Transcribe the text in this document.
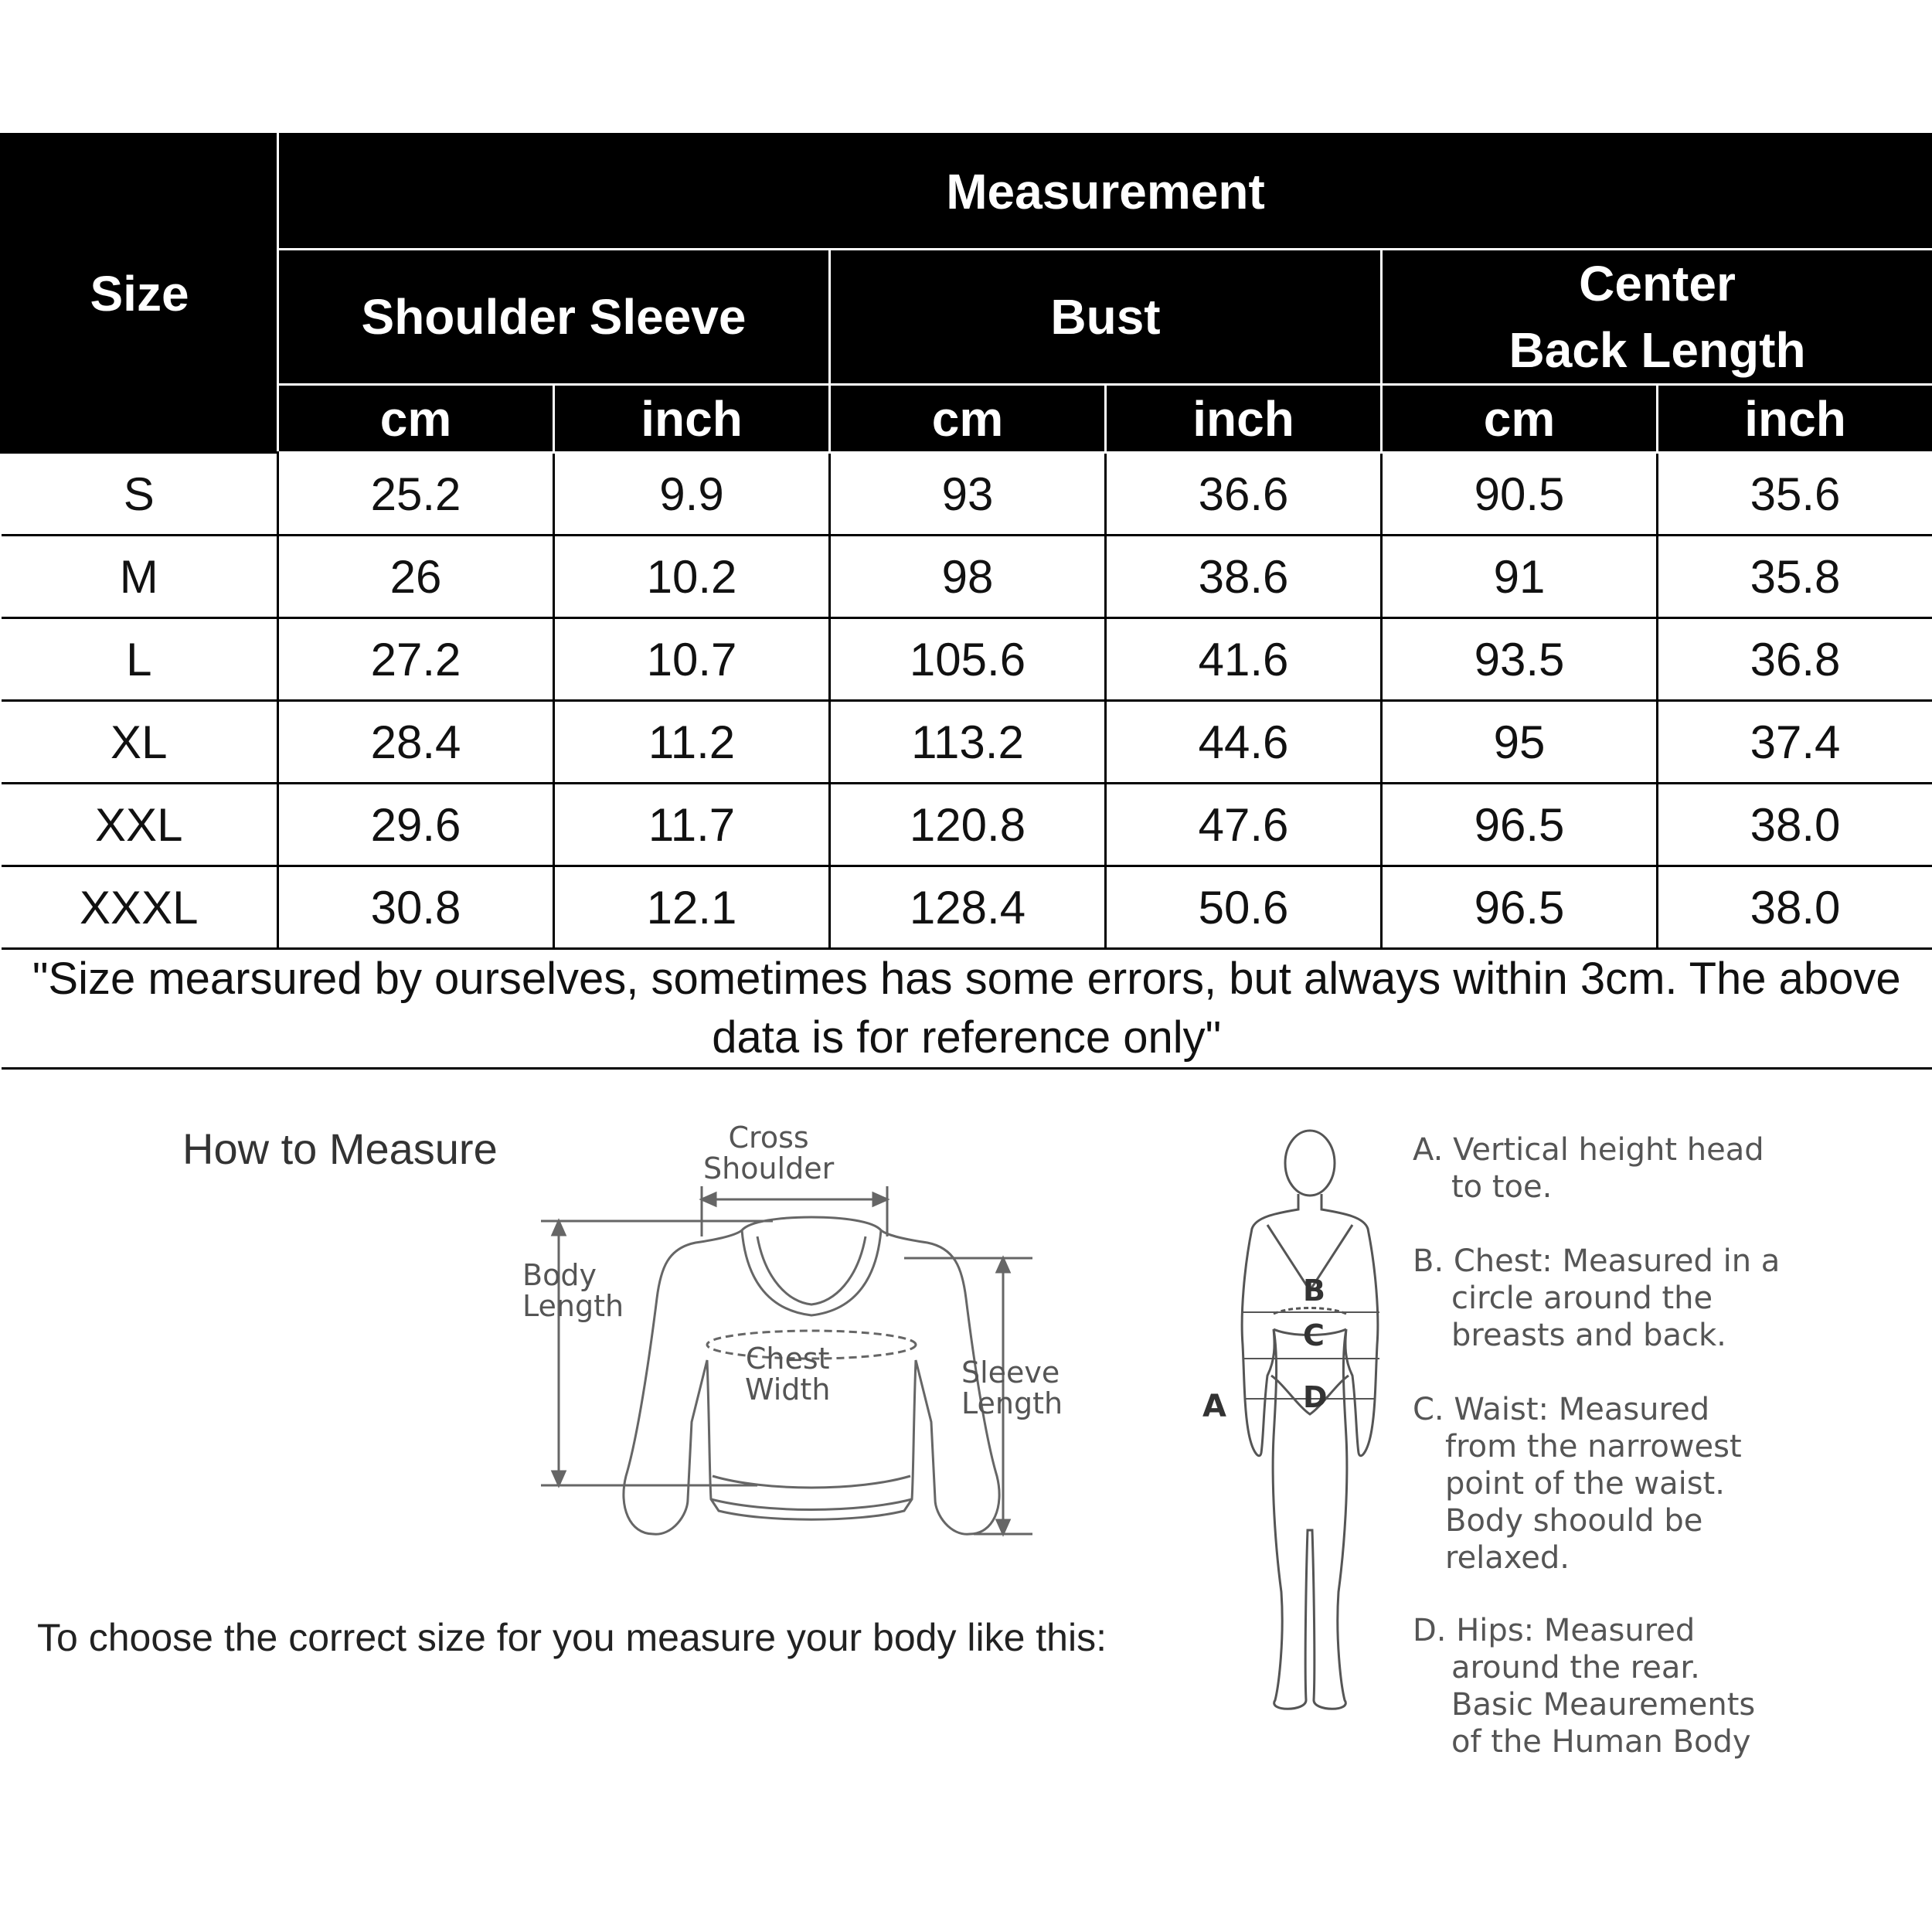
Size	Measurement					
	Shoulder Sleeve		Bust		Center
Back Length	
	cm	inch	cm	inch	cm	inch
S	25.2	9.9	93	36.6	90.5	35.6
M	26	10.2	98	38.6	91	35.8
L	27.2	10.7	105.6	41.6	93.5	36.8
XL	28.4	11.2	113.2	44.6	95	37.4
XXL	29.6	11.7	120.8	47.6	96.5	38.0
XXXL	30.8	12.1	128.4	50.6	96.5	38.0
"Size mearsured by ourselves, sometimes has some errors, but always within 3cm. The above data is for reference only"						
How to Measure
To choose the correct size for you measure your body like this:
Cross
Shoulder
Body
Length
Chest
Width	Sleeve
Length	A
B
C
D
A. Vertical height head
to toe.
B. Chest: Measured in a
circle around the
breasts and back.
C. Waist: Measured
from the narrowest
point of the waist.
Body shoould be
relaxed.
D. Hips: Measured
around the rear.
Basic Meaurements
of the Human Body
